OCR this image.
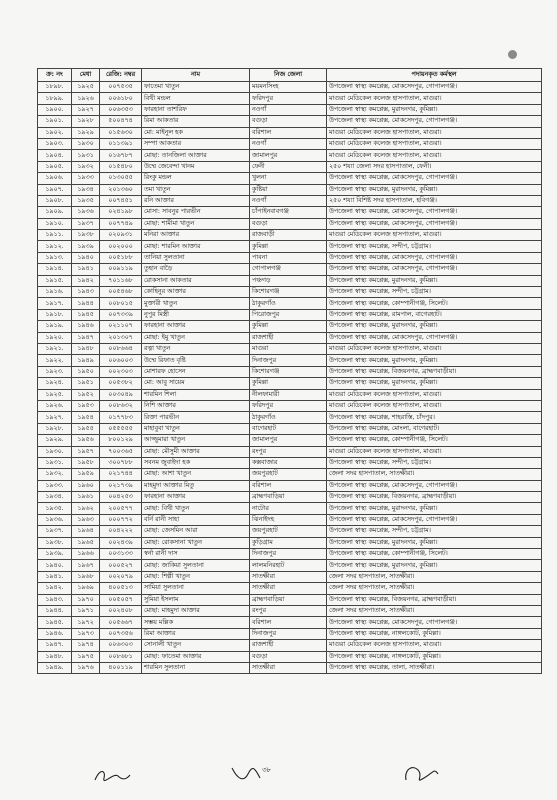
ক্র: নং	মেধা	রেজি: নম্বর	নাম	নিজ জেলা	পদায়নকৃত কর্মস্থল
১৮৯৮.	১৯২৫	০০৭৫৩৫	ফাতেমা খাতুন	ময়মনসিংহ	উপজেলা স্বাস্থ্য কমপ্লেক্স, মোকসেদপুর, গোপালগঞ্জ।
১৮৯৯.	১৯২৬	০০৬১৮০	বিথী মন্ডল	ফরিদপুর	মাগুরা মেডিকেল কলেজ হাসপাতাল, মাগুরা।
১৯০০.	১৯২৭	০০৬৩৫৩	ফারহানা তাশরিফ	নওগাঁ	উপজেলা স্বাস্থ্য কমপ্লেক্স, মুরাদনগর, কুমিল্লা।
১৯০১.	১৯২৮	৫০০৪৭৪	রিমা আকতার	বগুড়া	উপজেলা স্বাস্থ্য কমপ্লেক্স, মোকসেদপুর, গোপালগঞ্জ।
১৯০২.	১৯২৯	০১৫৬৩০	মো: মাইনুল হক	বরিশাল	মাগুরা মেডিকেল কলেজ হাসপাতাল, মাগুরা।
১৯০৩.	১৯৩০	০১১৩৯১	সম্পা আকতার	নওগাঁ	মাগুরা মেডিকেল কলেজ হাসপাতাল, মাগুরা।
১৯০৪.	১৯৩১	০১৬৭৮৭	মোছা: তানজিলা আক্তার	জামালপুর	মাগুরা মেডিকেল কলেজ হাসপাতাল, মাগুরা।
১৯০৫.	১৯৩২	০১৫৪৮০	উম্মে জেবেন্দা খানম	ফেনী	২৫০ শয্যা জেলা সদর হাসপাতাল, ফেনী।
১৯০৬.	১৯৩৩	০১৩০৫৫	রিংকু মন্ডল	খুলনা	উপজেলা স্বাস্থ্য কমপ্লেক্স, মোকসেদপুর, গোপালগঞ্জ।
১৯০৭.	১৯৩৪	২০১৩৬০	তমা খাতুন	কুষ্টিয়া	উপজেলা স্বাস্থ্য কমপ্লেক্স, মুরাদনগর, কুমিল্লা।
১৯০৮.	১৯৩৫	০০৭৪৫১	রনি আক্তার	নওগাঁ	২৫০ শয্যা বিশিষ্ট সদর হাসপাতাল, হবিগঞ্জ।
১৯০৯.	১৯৩৬	০২৪১৯৮	মোসা: সাবনুর পারভীন	চাঁপাইনবাবগঞ্জ	উপজেলা স্বাস্থ্য কমপ্লেক্স, মোকসেদপুর, গোপালগঞ্জ।
১৯১০.	১৯৩৭	০০৭৭৪৯	মোছা: শামীমা খাতুন	বগুড়া	উপজেলা স্বাস্থ্য কমপ্লেক্স, মোকসেদপুর, গোপালগঞ্জ।
১৯১১.	১৯৩৮	০২০৯৩১	মনিরা আক্তার	রাজবাড়ী	মাগুরা মেডিকেল কলেজ হাসপাতাল, মাগুরা।
১৯১২.	১৯৩৯	০০২০০০	মোছা: শারমিন আক্তার	কুমিল্লা	উপজেলা স্বাস্থ্য কমপ্লেক্স, সন্দীপ, চট্টগ্রাম।
১৯১৩.	১৯৪০	০০৫১৮৮	তানিয়া সুলতানা	পাবনা	উপজেলা স্বাস্থ্য কমপ্লেক্স, মোকসেদপুর, গোপালগঞ্জ।
১৯১৪.	১৯৪১	০০৯১১৯	তুহান বাড়ৈ	গোপালগঞ্জ	উপজেলা স্বাস্থ্য কমপ্লেক্স, মোকসেদপুর, গোপালগঞ্জ।
১৯১৫.	১৯৪২	৭০১১৬৮	রোকসানা আকতার	পঞ্চগড়	উপজেলা স্বাস্থ্য কমপ্লেক্স, মুরাদনগর, কুমিল্লা।
১৯১৬.	১৯৪৩	০০৫৪৬৮	কোহিনুর আক্তার	কিশোরগঞ্জ	উপজেলা স্বাস্থ্য কমপ্লেক্স, সন্দীপ, চট্টগ্রাম।
১৯১৭.	১৯৪৪	০০৮০১৫	মুক্তারী খাতুন	ঠাকুরগাঁও	উপজেলা স্বাস্থ্য কমপ্লেক্স, কোম্পানীগঞ্জ, সিলেট।
১৯১৮.	১৯৪৫	০০৭৩৩৯	নুপুর মিস্ত্রী	পিরোজপুর	উপজেলা স্বাস্থ্য কমপ্লেক্স, রামপাল, বাগেরহাট।
১৯১৯.	১৯৪৬	০২১১০৭	ফারহানা আক্তার	কুমিল্লা	উপজেলা স্বাস্থ্য কমপ্লেক্স, মুরাদনগর, কুমিল্লা।
১৯২০.	১৯৪৭	২০১৩০৭	মোছা: ইমু খাতুন	রাজশাহী	উপজেলা স্বাস্থ্য কমপ্লেক্স, মোকসেদপুর, গোপালগঞ্জ।
১৯২১.	১৯৪৮	০০৮৬৬৪	রত্না খাতুন	মাগুরা	মাগুরা মেডিকেল কলেজ হাসপাতাল, মাগুরা।
১৯২২.	১৯৪৯	০০৬০০৩	উম্মে রিফাত বৃষ্টি	দিনাজপুর	উপজেলা স্বাস্থ্য কমপ্লেক্স, মুরাদনগর, কুমিল্লা।
১৯২৩.	১৯৫০	০০২৩০৩	মোশারফ হোসেন	কিশোরগঞ্জ	উপজেলা স্বাস্থ্য কমপ্লেক্স, বিজয়নগর, ব্রাহ্মণবাড়ীয়া।
১৯২৪.	১৯৫১	০০৫৩৮২	মো: আবু সায়েম	কুমিল্লা	উপজেলা স্বাস্থ্য কমপ্লেক্স, মুরাদনগর, কুমিল্লা।
১৯২৫.	১৯৫২	০০৩০৪৯	শারমিন শিলা	নীলফামারী	মাগুরা মেডিকেল কলেজ হাসপাতাল, মাগুরা।
১৯২৬.	১৯৫৩	০০৮৬৩২	নিশি আক্তার	ফরিদপুর	মাগুরা মেডিকেল কলেজ হাসপাতাল, মাগুরা।
১৯২৭.	১৯৫৪	০১৭৭৮৩	রিক্তা পারভীন	ঠাকুরগাঁও	উপজেলা স্বাস্থ্য কমপ্লেক্স, শাহরাস্তি, চাঁদপুর।
১৯২৮.	১৯৫৫	০৫৫৫৫৫	মাহাবুবা খাতুন	বাগেরহাট	উপজেলা স্বাস্থ্য কমপ্লেক্স, মোংলা, বাগেরহাট।
১৯২৯.	১৯৫৬	৮০০১২৯	আজ্জুমারা খাতুন	জামালপুর	উপজেলা স্বাস্থ্য কমপ্লেক্স, কোম্পানীগঞ্জ, সিলেট।
১৯৩০.	১৯৫৭	৭০০৩৬৫	মোছা: মৌসুমী আক্তার	রংপুর	মাগুরা মেডিকেল কলেজ হাসপাতাল, মাগুরা।
১৯৩১.	১৯৫৮	৩০০৭৮৮	সবনম জুবাইদা হক	কক্সবাজার	উপজেলা স্বাস্থ্য কমপ্লেক্স, সন্দীপ, চট্টগ্রাম।
১৯৩২.	১৯৫৯	০২১৭৪৪	মোছা: আশা খাতুন	জয়পুরহাট	জেলা সদর হাসপাতাল, সাতক্ষীরা।
১৯৩৩.	১৯৬০	০২১৭৩৯	মাহমুদা আক্তার মিতু	বরিশাল	উপজেলা স্বাস্থ্য কমপ্লেক্স, মোকসেদপুর, গোপালগঞ্জ।
১৯৩৪.	১৯৬১	০০৪২৫৩	ফারহানা আক্তার	ব্রাহ্মণবাড়িয়া	উপজেলা স্বাস্থ্য কমপ্লেক্স, বিজয়নগর, ব্রাহ্মণবাড়ীয়া।
১৯৩৫.	১৯৬২	২০০৫৭৭	মোছা: বিথী খাতুন	নাটোর	উপজেলা স্বাস্থ্য কমপ্লেক্স, মুরাদনগর, কুমিল্লা।
১৯৩৬.	১৯৬৩	০০০৭৭২	বর্নি রানী সাহা	ঝিনাইদহ	উপজেলা স্বাস্থ্য কমপ্লেক্স, মোকসেদপুর, গোপালগঞ্জ।
১৯৩৭.	১৯৬৪	০০৪২২২	মোছা: জেসমিন আরা	জয়পুরহাট	উপজেলা স্বাস্থ্য কমপ্লেক্স, সন্দীপ, চট্টগ্রাম।
১৯৩৮.	১৯৬৫	০০২৪৩৯	মোছা: রোকসানা খাতুন	কুড়িগ্রাম	উপজেলা স্বাস্থ্য কমপ্লেক্স, মুরাদনগর, কুমিল্লা।
১৯৩৯.	১৯৬৬	০০৩১৩৩	স্বর্না রানী দাস	দিনাজপুর	উপজেলা স্বাস্থ্য কমপ্লেক্স, কোম্পানীগঞ্জ, সিলেট।
১৯৪০.	১৯৬৭	০০০৫২৭	মোছা: জাকিয়া সুলতানা	লালমনিরহাট	উপজেলা স্বাস্থ্য কমপ্লেক্স, মুরাদনগর, কুমিল্লা।
১৯৪১.	১৯৬৮	০০২০৭৯	মোছা: শিল্পী খাতুন	সাতক্ষীরা	জেলা সদর হাসপাতাল, সাতক্ষীরা।
১৯৪২.	১৯৬৯	৪০০৫১৩	সামিয়া সুলতানা	সাতক্ষীরা	জেলা সদর হাসপাতাল, সাতক্ষীরা।
১৯৪৩.	১৯৭০	০০৫০৫৭	সুমিয়া ইসলাম	ব্রাহ্মণবাড়িয়া	উপজেলা স্বাস্থ্য কমপ্লেক্স, বিজয়নগর, ব্রাহ্মণবাড়ীয়া।
১৯৪৪.	১৯৭১	০০২৪০৮	মোছা: মাহমুদা আক্তার	রংপুর	জেলা সদর হাসপাতাল, সাতক্ষীরা।
১৯৪৫.	১৯৭২	০০৫৬৬৭	সম্ভয় মল্লিক	বরিশাল	উপজেলা স্বাস্থ্য কমপ্লেক্স, মোকসেদপুর, গোপালগঞ্জ।
১৯৪৬.	১৯৭৩	০০৭৩৫৬	রিমা আক্তার	দিনাজপুর	উপজেলা স্বাস্থ্য কমপ্লেক্স, নাঙ্গলকোট, কুমিল্লা।
১৯৪৭.	১৯৭৪	০০৬৩০৩	সোনালী খাতুন	রাজশাহী	মাগুরা মেডিকেল কলেজ হাসপাতাল, মাগুরা।
১৯৪৮.	১৯৭৫	০০৮৬৮১	মোছা: ফাতেমা আক্তার	বগুড়া	উপজেলা স্বাস্থ্য কমপ্লেক্স, নাঙ্গলকোট, কুমিল্লা।
১৯৪৯.	১৯৭৬	৪০০১১৯	শারমিন সুলতানা	সাতক্ষীরা	উপজেলা স্বাস্থ্য কমপ্লেক্স, তালা, সাতক্ষীরা।
৩৮
